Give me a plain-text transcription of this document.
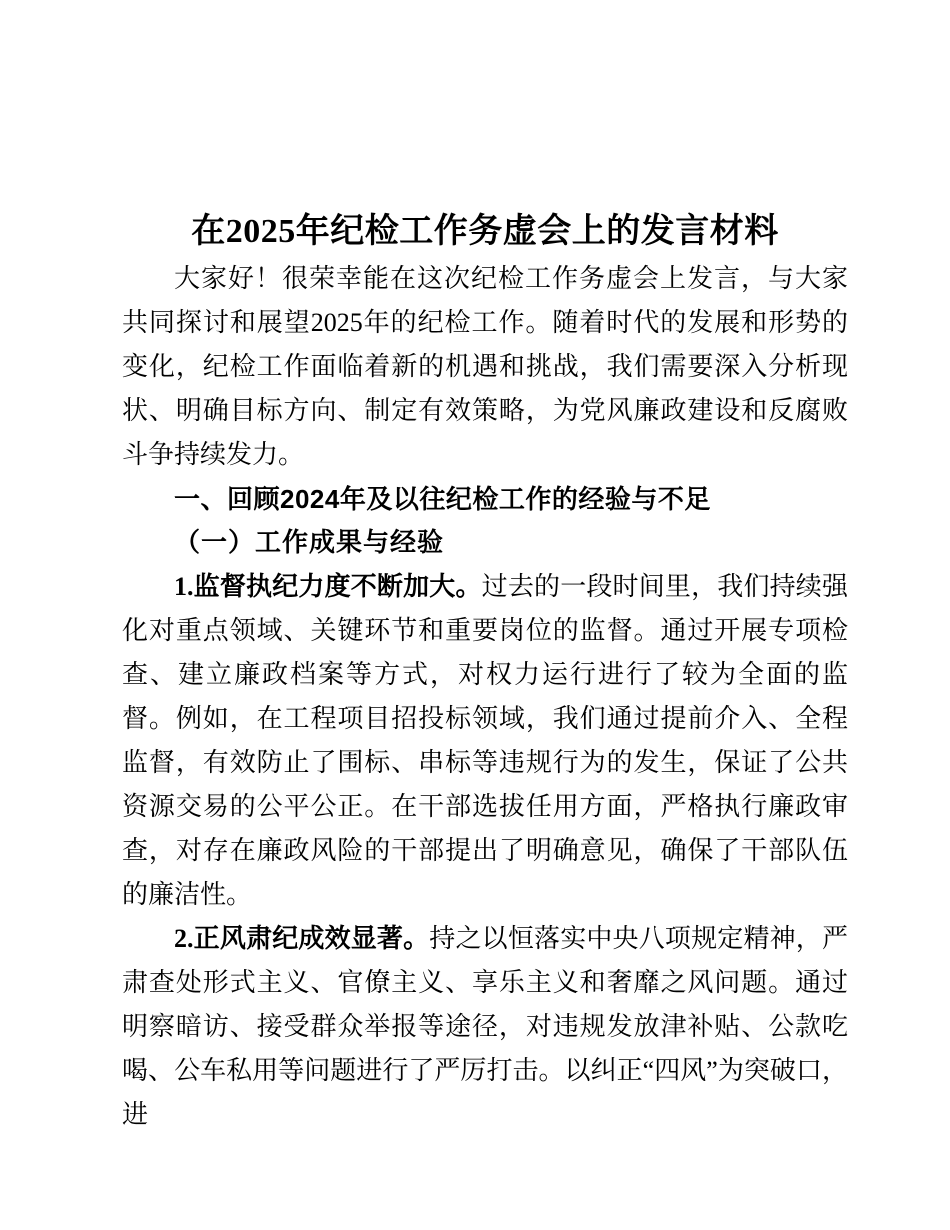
在2025年纪检工作务虚会上的发言材料

大家好！很荣幸能在这次纪检工作务虚会上发言，与大家共同探讨和展望2025年的纪检工作。随着时代的发展和形势的变化，纪检工作面临着新的机遇和挑战，我们需要深入分析现状、明确目标方向、制定有效策略，为党风廉政建设和反腐败斗争持续发力。

一、回顾2024年及以往纪检工作的经验与不足

（一）工作成果与经验

1.监督执纪力度不断加大。过去的一段时间里，我们持续强化对重点领域、关键环节和重要岗位的监督。通过开展专项检查、建立廉政档案等方式，对权力运行进行了较为全面的监督。例如，在工程项目招投标领域，我们通过提前介入、全程监督，有效防止了围标、串标等违规行为的发生，保证了公共资源交易的公平公正。在干部选拔任用方面，严格执行廉政审查，对存在廉政风险的干部提出了明确意见，确保了干部队伍的廉洁性。

2.正风肃纪成效显著。持之以恒落实中央八项规定精神，严肃查处形式主义、官僚主义、享乐主义和奢靡之风问题。通过明察暗访、接受群众举报等途径，对违规发放津补贴、公款吃喝、公车私用等问题进行了严厉打击。以纠正“四风”为突破口，进
